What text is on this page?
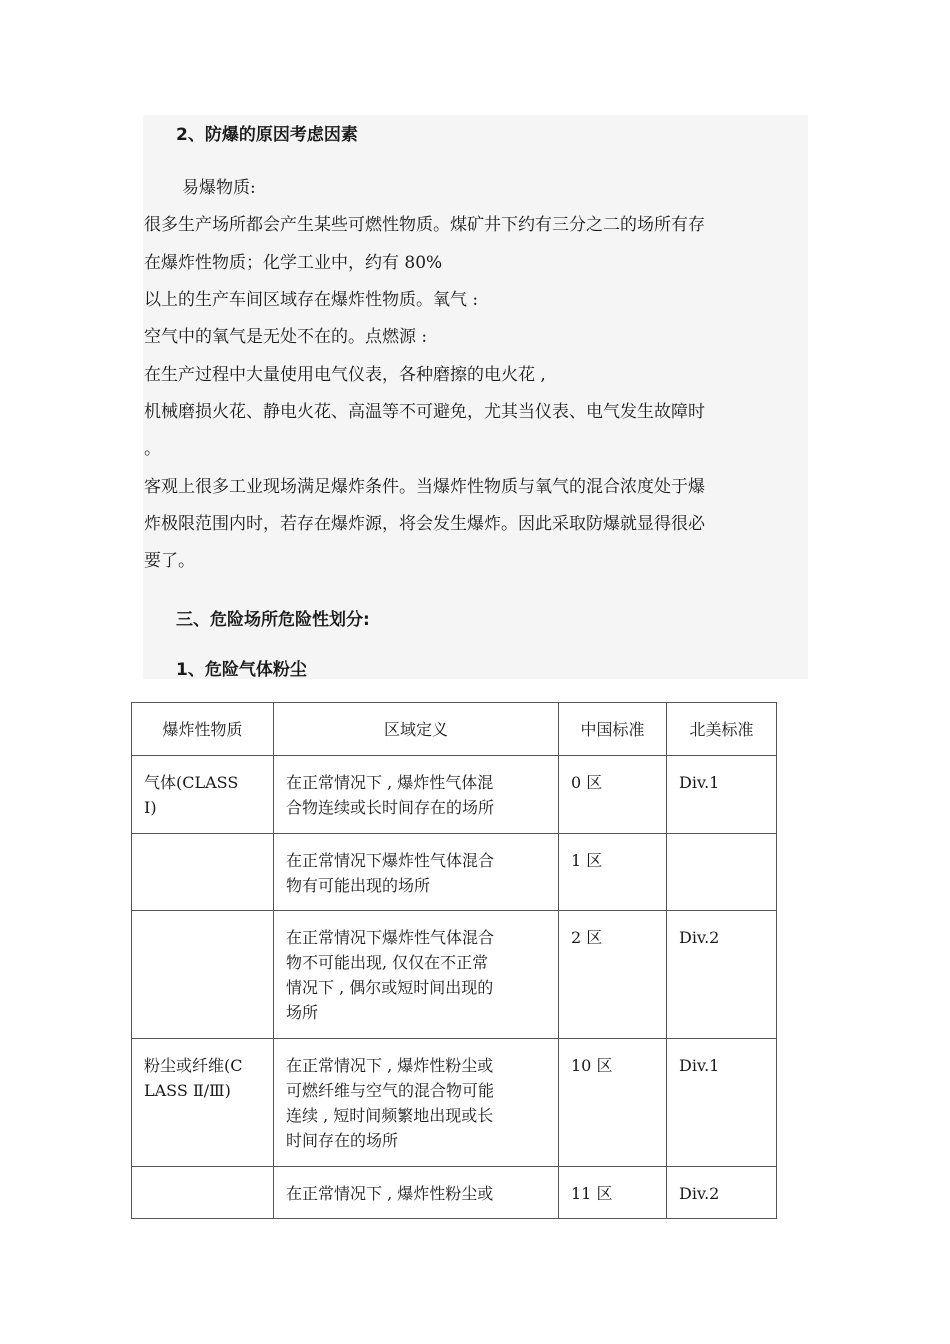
2、防爆的原因考虑因素
易爆物质:
很多生产场所都会产生某些可燃性物质。煤矿井下约有三分之二的场所有存
在爆炸性物质；化学工业中，约有 80%
以上的生产车间区域存在爆炸性物质。氧气 :
空气中的氧气是无处不在的。点燃源 :
在生产过程中大量使用电气仪表，各种磨擦的电火花 ,
机械磨损火花、静电火花、高温等不可避免，尤其当仪表、电气发生故障时
。
客观上很多工业现场满足爆炸条件。当爆炸性物质与氧气的混合浓度处于爆
炸极限范围内时，若存在爆炸源，将会发生爆炸。因此采取防爆就显得很必
要了。
三、危险场所危险性划分:
1、危险气体粉尘
爆炸性物质	区域定义	中国标准	北美标准
气体(CLASS
Ⅰ)	在正常情况下 , 爆炸性气体混
合物连续或长时间存在的场所	0 区	Div.1
	在正常情况下爆炸性气体混合
物有可能出现的场所	1 区	
	在正常情况下爆炸性气体混合
物不可能出现, 仅仅在不正常
情况下 , 偶尔或短时间出现的
场所	2 区	Div.2
粉尘或纤维(C
LASS Ⅱ/Ⅲ)	在正常情况下 , 爆炸性粉尘或
可燃纤维与空气的混合物可能
连续 , 短时间频繁地出现或长
时间存在的场所	10 区	Div.1
	在正常情况下 , 爆炸性粉尘或	11 区	Div.2
